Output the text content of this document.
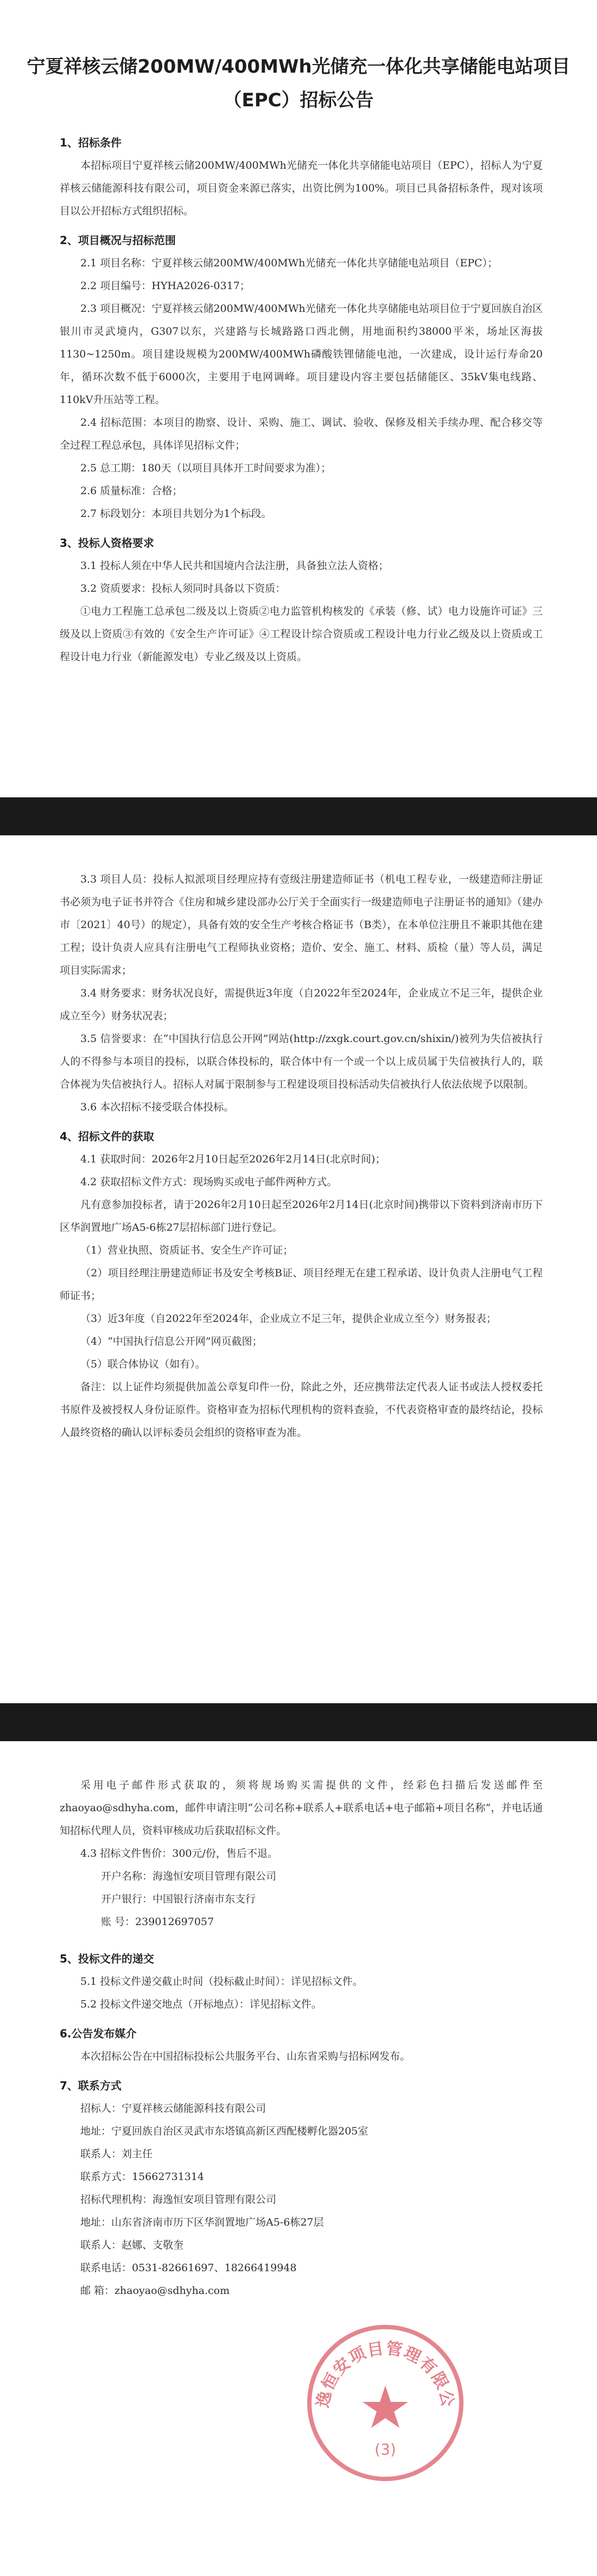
宁夏祥核云储200MW/400MWh光储充一体化共享储能电站项目（EPC）招标公告
1、招标条件

本招标项目宁夏祥核云储200MW/400MWh光储充一体化共享储能电站项目（EPC），招标人为宁夏祥核云储能源科技有限公司，项目资金来源已落实，出资比例为100%。项目已具备招标条件，现对该项目以公开招标方式组织招标。

2、项目概况与招标范围

2.1 项目名称：宁夏祥核云储200MW/400MWh光储充一体化共享储能电站项目（EPC）；

2.2 项目编号：HYHA2026-0317；

2.3 项目概况：宁夏祥核云储200MW/400MWh光储充一体化共享储能电站项目位于宁夏回族自治区银川市灵武境内，G307以东，兴建路与长城路路口西北侧，用地面积约38000平米，场址区海拔1130~1250m。项目建设规模为200MW/400MWh磷酸铁锂储能电池，一次建成，设计运行寿命20年，循环次数不低于6000次，主要用于电网调峰。项目建设内容主要包括储能区、35kV集电线路、110kV升压站等工程。

2.4 招标范围：本项目的勘察、设计、采购、施工、调试、验收、保修及相关手续办理、配合移交等全过程工程总承包，具体详见招标文件；

2.5 总工期：180天（以项目具体开工时间要求为准）；

2.6 质量标准：合格；

2.7 标段划分：本项目共划分为1个标段。

3、投标人资格要求

3.1 投标人须在中华人民共和国境内合法注册，具备独立法人资格；

3.2 资质要求：投标人须同时具备以下资质：

①电力工程施工总承包二级及以上资质②电力监管机构核发的《承装（修、试）电力设施许可证》三级及以上资质③有效的《安全生产许可证》④工程设计综合资质或工程设计电力行业乙级及以上资质或工程设计电力行业（新能源发电）专业乙级及以上资质。

3.3 项目人员：投标人拟派项目经理应持有壹级注册建造师证书（机电工程专业，一级建造师注册证书必须为电子证书并符合《住房和城乡建设部办公厅关于全面实行一级建造师电子注册证书的通知》（建办市〔2021〕40号）的规定），具备有效的安全生产考核合格证书（B类），在本单位注册且不兼职其他在建工程；设计负责人应具有注册电气工程师执业资格；造价、安全、施工、材料、质检（量）等人员，满足项目实际需求；

3.4 财务要求：财务状况良好，需提供近3年度（自2022年至2024年，企业成立不足三年，提供企业成立至今）财务状况表；

3.5 信誉要求：在“中国执行信息公开网”网站(http://zxgk.court.gov.cn/shixin/)被列为失信被执行人的不得参与本项目的投标，以联合体投标的，联合体中有一个或一个以上成员属于失信被执行人的，联合体视为失信被执行人。招标人对属于限制参与工程建设项目投标活动失信被执行人依法依规予以限制。

3.6 本次招标不接受联合体投标。

4、招标文件的获取

4.1 获取时间：2026年2月10日起至2026年2月14日(北京时间)；

4.2 获取招标文件方式：现场购买或电子邮件两种方式。

凡有意参加投标者，请于2026年2月10日起至2026年2月14日(北京时间)携带以下资料到济南市历下区华润置地广场A5-6栋27层招标部门进行登记。

（1）营业执照、资质证书、安全生产许可证；

（2）项目经理注册建造师证书及安全考核B证、项目经理无在建工程承诺、设计负责人注册电气工程师证书；

（3）近3年度（自2022年至2024年，企业成立不足三年，提供企业成立至今）财务报表；

（4）“中国执行信息公开网”网页截图；

（5）联合体协议（如有）。

备注：以上证件均须提供加盖公章复印件一份，除此之外，还应携带法定代表人证书或法人授权委托书原件及被授权人身份证原件。资格审查为招标代理机构的资料查验，不代表资格审查的最终结论，投标人最终资格的确认以评标委员会组织的资格审查为准。

采用电子邮件形式获取的，须将规场购买需提供的文件，经彩色扫描后发送邮件至zhaoyao@sdhyha.com，邮件申请注明“公司名称+联系人+联系电话+电子邮箱+项目名称”，并电话通知招标代理人员，资料审核成功后获取招标文件。

4.3 招标文件售价：300元/份，售后不退。

开户名称：海逸恒安项目管理有限公司

开户银行：中国银行济南市东支行

账 号：239012697057

5、投标文件的递交

5.1 投标文件递交截止时间（投标截止时间）：详见招标文件。

5.2 投标文件递交地点（开标地点）：详见招标文件。

6.公告发布媒介

本次招标公告在中国招标投标公共服务平台、山东省采购与招标网发布。

7、联系方式

招标人：宁夏祥核云储能源科技有限公司

地址：宁夏回族自治区灵武市东塔镇高新区西配楼孵化器205室

联系人：刘主任

联系方式：15662731314

招标代理机构：海逸恒安项目管理有限公司

地址：山东省济南市历下区华润置地广场A5-6栋27层

联系人：赵娜、支敬奎

联系电话：0531-82661697、18266419948

邮 箱：zhaoyao@sdhyha.com

逸恒安项目管理有限公
(3)
